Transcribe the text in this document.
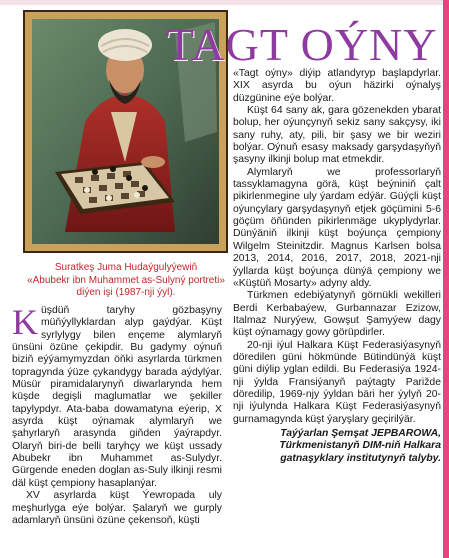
TAGT OÝNY
Suratkeş Juma Hudaýgulyýewiň
«Abubekr ibn Muhammet as-Sulyný portreti»
diýen işi (1987-nji ýyl).

Küşdüň taryhy gözbaşyny müňýyllyklardan alyp gaýdýar. Küşt syrlylygy bilen ençeme alymlaryň ünsüni özüne çekipdir. Bu gadymy oýnuň biziň eýýamymyzdan öňki asyrlarda türkmen topragynda ýüze çykandygy barada aýdylýar. Müsür piramidalarynyň diwarlarynda hem küşde degişli maglumatlar we şekiller tapylypdyr. Ata-baba dowamatyna eýerip, X asyrda küşt oýnamak alymlaryň we şahyrlaryň arasynda giňden ýaýrapdyr. Olaryň biri-de belli taryhçy we küşt ussady Abubekr ibn Muhammet as-Sulydyr. Gürgende eneden doglan as-Suly ilkinji resmi däl küşt çempiony hasaplanýar.

XV asyrlarda küşt Ýewropada uly meşhurlyga eýe bolýar. Şalaryň we gurply adamlaryň ünsüni özüne çekensoň, küşti

«Tagt oýny» diýip atlandyryp başlapdyrlar. XIX asyrda bu oýun häzirki oýnalyş düzgünine eýe bolýar.

Küşt 64 sany ak, gara gözenekden ybarat bolup, her oýunçynyň sekiz sany sakçysy, iki sany ruhy, aty, pili, bir şasy we bir weziri bolýar. Oýnuň esasy maksady garşydaşyňyň şasyny ilkinji bolup mat etmekdir.

Alymlaryň we professorlaryň tassyklamagyna görä, küşt beýniniň çalt pikirlenmegine uly ýardam edýär. Güýçli küşt oýunçylary garşydaşynyň etjek göçümini 5-6 göçüm öňünden pikirlenmäge ukyplydyrlar. Dünýäniň ilkinji küşt boýunça çempiony Wilgelm Steinitzdir. Magnus Karlsen bolsa 2013, 2014, 2016, 2017, 2018, 2021-nji ýyllarda küşt boýunça dünýä çempiony we «Küştüň Mosarty» adyny aldy.

Türkmen edebiýatynyň görnükli wekilleri Berdi Kerbabaýew, Gurbannazar Ezizow, Italmaz Nuryýew, Gowşut Şamyýew dagy küşt oýnamagy gowy görüpdirler.

20-nji iýul Halkara Küşt Federasiýasynyň döredilen güni hökmünde Bütindünýä küşt güni diýlip yglan edildi. Bu Federasiýa 1924-nji ýylda Fransiýanyň paýtagty Parižde döredilip, 1969-njy ýyldan bäri her ýylyň 20-nji iýulynda Halkara Küşt Federasiýasynyň gurnamagynda küşt ýaryşlary geçirilýär.

Taýýarlan Şemşat JEPBAROWA,
Türkmenistanyň DIM-niň Halkara
gatnaşyklary institutynyň talyby.
